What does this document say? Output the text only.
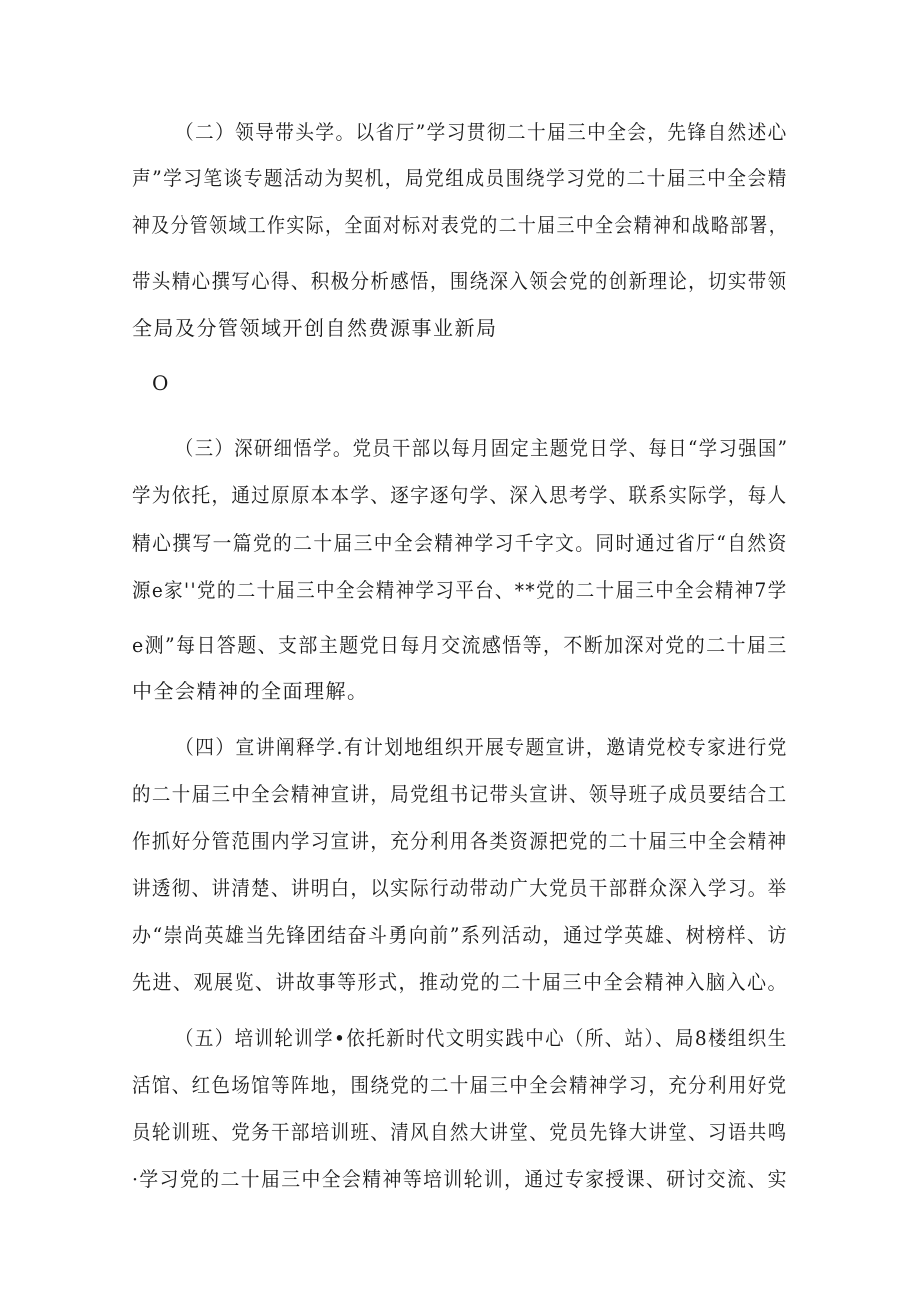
（二）领导带头学。以省厅”学习贯彻二十届三中全会，先锋自然述心
声”学习笔谈专题活动为契机，局党组成员围绕学习党的二十届三中全会精
神及分管领域工作实际，全面对标对表党的二十届三中全会精神和战略部署，
带头精心撰写心得、积极分析感悟，围绕深入领会党的创新理论，切实带领
全局及分管领域开创自然费源事业新局
O
（三）深研细悟学。党员干部以每月固定主题党日学、每日“学习强国”
学为依托，通过原原本本学、逐字逐句学、深入思考学、联系实际学，每人
精心撰写一篇党的二十届三中全会精神学习千字文。同时通过省厅“自然资
源e家''党的二十届三中全会精神学习平台、**党的二十届三中全会精神7学
e测”每日答题、支部主题党日每月交流感悟等，不断加深对党的二十届三
中全会精神的全面理解。
（四）宣讲阐释学.有计划地组织开展专题宣讲，邀请党校专家进行党
的二十届三中全会精神宣讲，局党组书记带头宣讲、领导班子成员要结合工
作抓好分管范围内学习宣讲，充分利用各类资源把党的二十届三中全会精神
讲透彻、讲清楚、讲明白，以实际行动带动广大党员干部群众深入学习。举
办“崇尚英雄当先锋团结奋斗勇向前”系列活动，通过学英雄、树榜样、访
先进、观展览、讲故事等形式，推动党的二十届三中全会精神入脑入心。
（五）培训轮训学•依托新时代文明实践中心（所、站）、局8楼组织生
活馆、红色场馆等阵地，围绕党的二十届三中全会精神学习，充分利用好党
员轮训班、党务干部培训班、清风自然大讲堂、党员先锋大讲堂、习语共鸣
·学习党的二十届三中全会精神等培训轮训，通过专家授课、研讨交流、实
